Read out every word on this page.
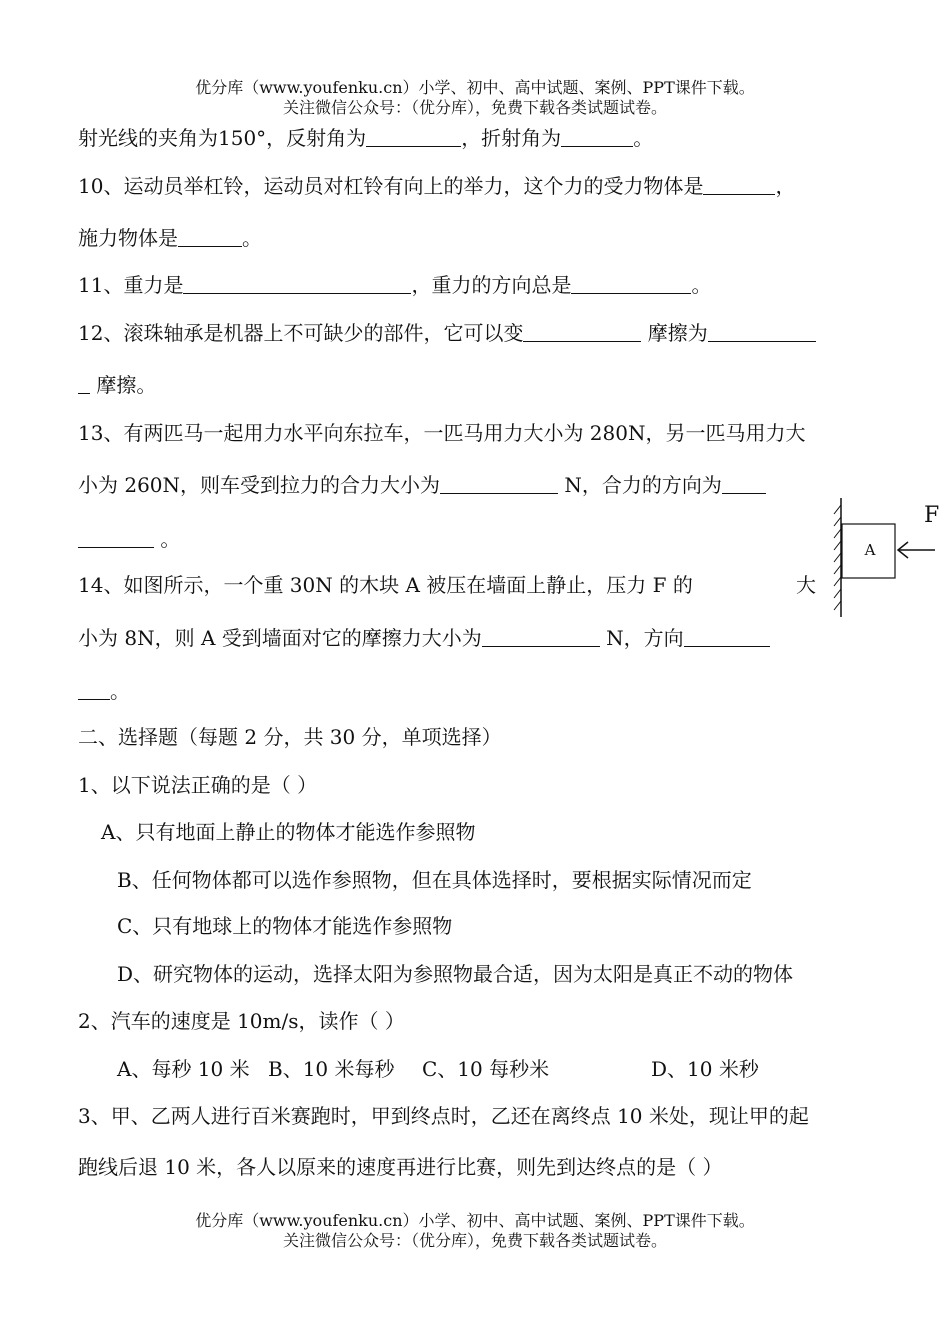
优分库（www.youfenku.cn）小学、初中、高中试题、案例、PPT课件下载。
关注微信公众号：（优分库），免费下载各类试题试卷。
射光线的夹角为150°，反射角为	，折射角为	。
10、运动员举杠铃，运动员对杠铃有向上的举力，这个力的受力物体是	，
施力物体是	。
11、重力是	，重力的方向总是	。
12、滚珠轴承是机器上不可缺少的部件，它可以变	摩擦为
摩擦。
13、有两匹马一起用力水平向东拉车，一匹马用力大小为 280N，另一匹马用力大
小为 260N，则车受到拉力的合力大小为	N，合力的方向为
。
14、如图所示，一个重 30N 的木块 A 被压在墙面上静止，压力 F 的	大
小为 8N，则 A 受到墙面对它的摩擦力大小为	N，方向
。
A
F
二、选择题（每题 2 分，共 30 分，单项选择）
1、以下说法正确的是（ ）
A、只有地面上静止的物体才能选作参照物
B、任何物体都可以选作参照物，但在具体选择时，要根据实际情况而定
C、只有地球上的物体才能选作参照物
D、研究物体的运动，选择太阳为参照物最合适，因为太阳是真正不动的物体
2、汽车的速度是 10m/s，读作（ ）
A、每秒 10 米 B、10 米每秒 C、10 每秒米	D、10 米秒
3、甲、乙两人进行百米赛跑时，甲到终点时，乙还在离终点 10 米处，现让甲的起
跑线后退 10 米，各人以原来的速度再进行比赛，则先到达终点的是（ ）
优分库（www.youfenku.cn）小学、初中、高中试题、案例、PPT课件下载。
关注微信公众号：（优分库），免费下载各类试题试卷。
